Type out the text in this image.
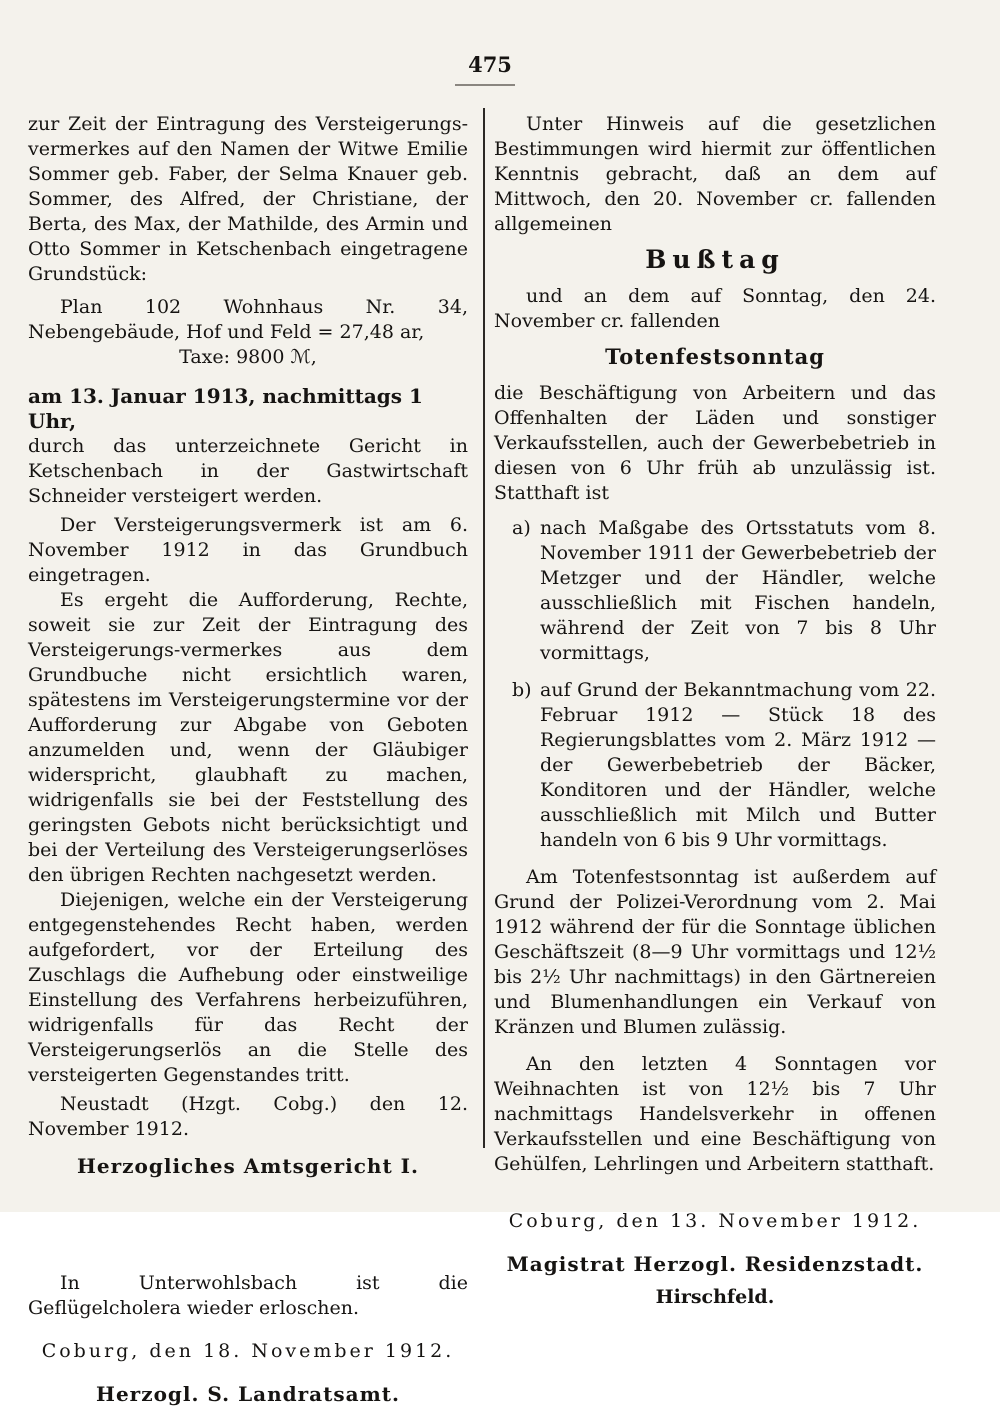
475

zur Zeit der Eintragung des Versteigerungs-vermerkes auf den Namen der Witwe Emilie Sommer geb. Faber, der Selma Knauer geb. Sommer, des Alfred, der Christiane, der Berta, des Max, der Mathilde, des Armin und Otto Sommer in Ketschenbach eingetragene Grundstück:

Plan 102 Wohnhaus Nr. 34, Nebengebäude, Hof und Feld = 27,48 ar,

Taxe: 9800 ℳ,

am 13. Januar 1913, nachmittags 1 Uhr,

durch das unterzeichnete Gericht in Ketschenbach in der Gastwirtschaft Schneider versteigert werden.

Der Versteigerungsvermerk ist am 6. November 1912 in das Grundbuch eingetragen.

Es ergeht die Aufforderung, Rechte, soweit sie zur Zeit der Eintragung des Versteigerungs-vermerkes aus dem Grundbuche nicht ersichtlich waren, spätestens im Versteigerungstermine vor der Aufforderung zur Abgabe von Geboten anzumelden und, wenn der Gläubiger widerspricht, glaubhaft zu machen, widrigenfalls sie bei der Feststellung des geringsten Gebots nicht berücksichtigt und bei der Verteilung des Versteigerungserlöses den übrigen Rechten nachgesetzt werden.

Diejenigen, welche ein der Versteigerung entgegenstehendes Recht haben, werden aufgefordert, vor der Erteilung des Zuschlags die Aufhebung oder einstweilige Einstellung des Verfahrens herbeizuführen, widrigenfalls für das Recht der Versteigerungserlös an die Stelle des versteigerten Gegenstandes tritt.

Neustadt (Hzgt. Cobg.) den 12. November 1912.

Herzogliches Amtsgericht I.

In Unterwohlsbach ist die Geflügelcholera wieder erloschen.

Coburg, den 18. November 1912.

Herzogl. S. Landratsamt.

Unter Hinweis auf die gesetzlichen Bestimmungen wird hiermit zur öffentlichen Kenntnis gebracht, daß an dem auf Mittwoch, den 20. November cr. fallenden allgemeinen

Bußtag

und an dem auf Sonntag, den 24. November cr. fallenden

Totenfestsonntag

die Beschäftigung von Arbeitern und das Offenhalten der Läden und sonstiger Verkaufsstellen, auch der Gewerbebetrieb in diesen von 6 Uhr früh ab unzulässig ist. Statthaft ist

a) nach Maßgabe des Ortsstatuts vom 8. November 1911 der Gewerbebetrieb der Metzger und der Händler, welche ausschließlich mit Fischen handeln, während der Zeit von 7 bis 8 Uhr vormittags,
b) auf Grund der Bekanntmachung vom 22. Februar 1912 — Stück 18 des Regierungsblattes vom 2. März 1912 — der Gewerbebetrieb der Bäcker, Konditoren und der Händler, welche ausschließlich mit Milch und Butter handeln von 6 bis 9 Uhr vormittags.

Am Totenfestsonntag ist außerdem auf Grund der Polizei-Verordnung vom 2. Mai 1912 während der für die Sonntage üblichen Geschäftszeit (8—9 Uhr vormittags und 12½ bis 2½ Uhr nachmittags) in den Gärtnereien und Blumenhandlungen ein Verkauf von Kränzen und Blumen zulässig.

An den letzten 4 Sonntagen vor Weihnachten ist von 12½ bis 7 Uhr nachmittags Handelsverkehr in offenen Verkaufsstellen und eine Beschäftigung von Gehülfen, Lehrlingen und Arbeitern statthaft.

Coburg, den 13. November 1912.

Magistrat Herzogl. Residenzstadt.

Hirschfeld.
